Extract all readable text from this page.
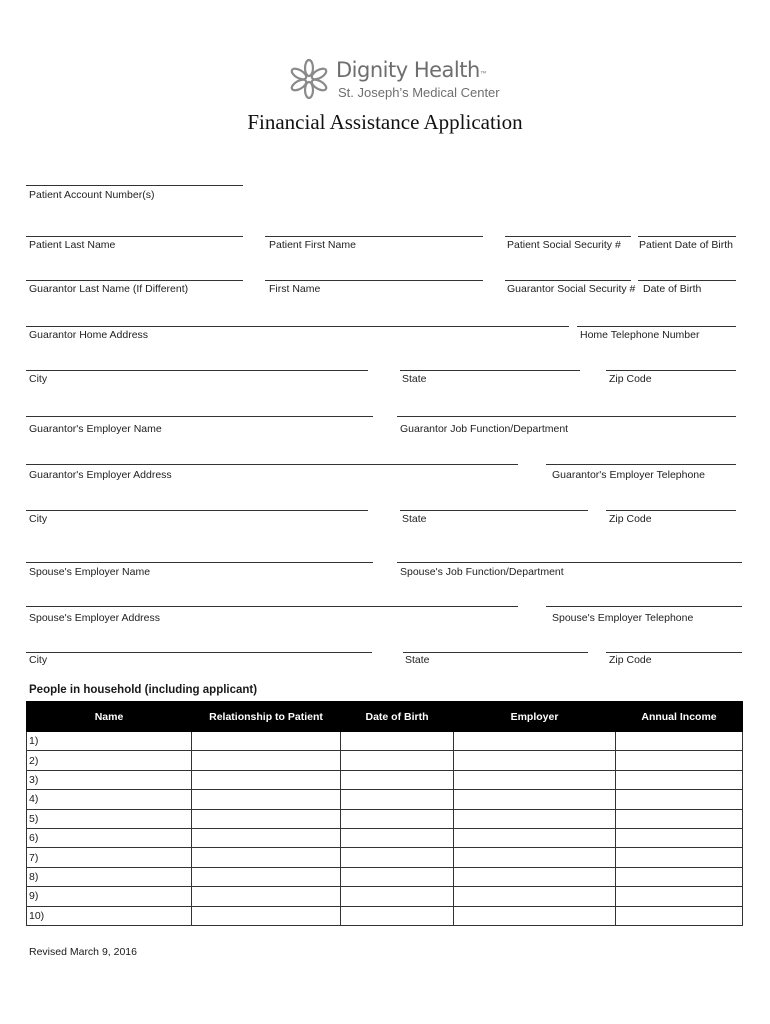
Dignity Health™
St. Joseph’s Medical Center
Financial Assistance Application
Patient Account Number(s)
Patient Last Name	Patient First Name	Patient Social Security # Patient Date of Birth
Guarantor Last Name (If Different)	First Name	Guarantor Social Security # Date of Birth
Guarantor Home Address	Home Telephone Number
City	State	Zip Code
Guarantor's Employer Name	Guarantor Job Function/Department
Guarantor's Employer Address	Guarantor's Employer Telephone
City	State	Zip Code
Spouse's Employer Name	Spouse's Job Function/Department
Spouse's Employer Address	Spouse's Employer Telephone
City	State	Zip Code
People in household (including applicant)
Name	Relationship to Patient	Date of Birth	Employer	Annual Income
1)				
2)				
3)				
4)				
5)				
6)				
7)				
8)				
9)				
10)				
Revised March 9, 2016
